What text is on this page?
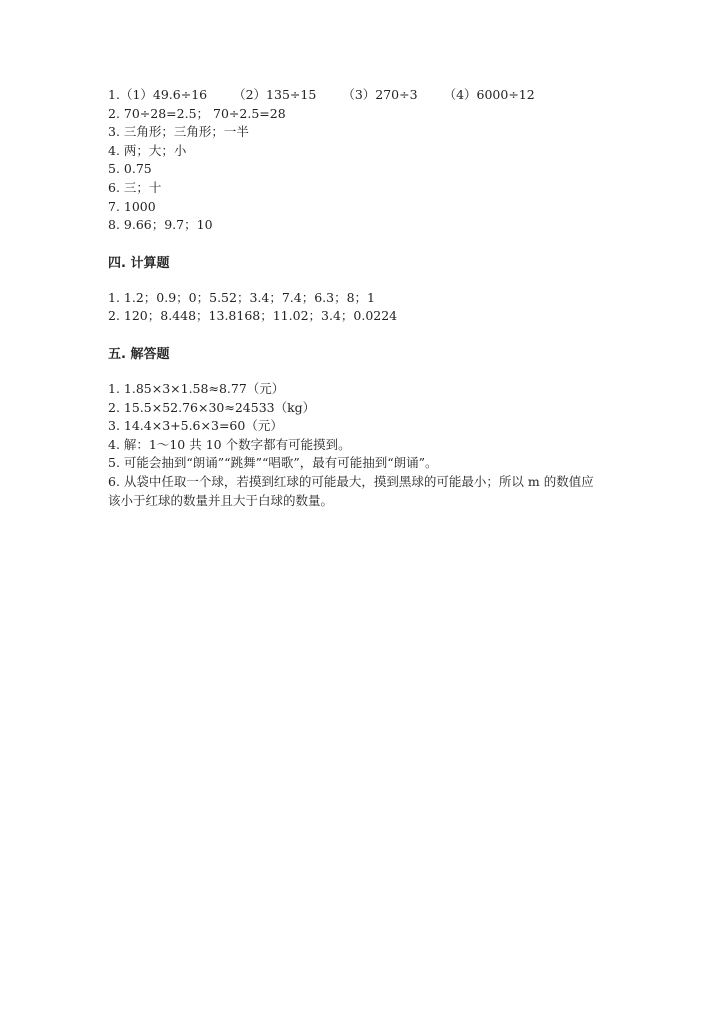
1.（1）49.6÷16 （2）135÷15 （3）270÷3 （4）6000÷12
2. 70÷28=2.5； 70÷2.5=28
3. 三角形；三角形；一半
4. 两；大；小
5. 0.75
6. 三；十
7. 1000
8. 9.66；9.7；10
四. 计算题
1. 1.2；0.9；0；5.52；3.4；7.4；6.3；8；1
2. 120；8.448；13.8168；11.02；3.4；0.0224
五. 解答题
1. 1.85×3×1.58≈8.77（元）
2. 15.5×52.76×30≈24533（kg）
3. 14.4×3+5.6×3=60（元）
4. 解：1～10 共 10 个数字都有可能摸到。
5. 可能会抽到“朗诵”“跳舞”“唱歌”，最有可能抽到“朗诵”。
6. 从袋中任取一个球，若摸到红球的可能最大，摸到黑球的可能最小；所以 m 的数值应该小于红球的数量并且大于白球的数量。
